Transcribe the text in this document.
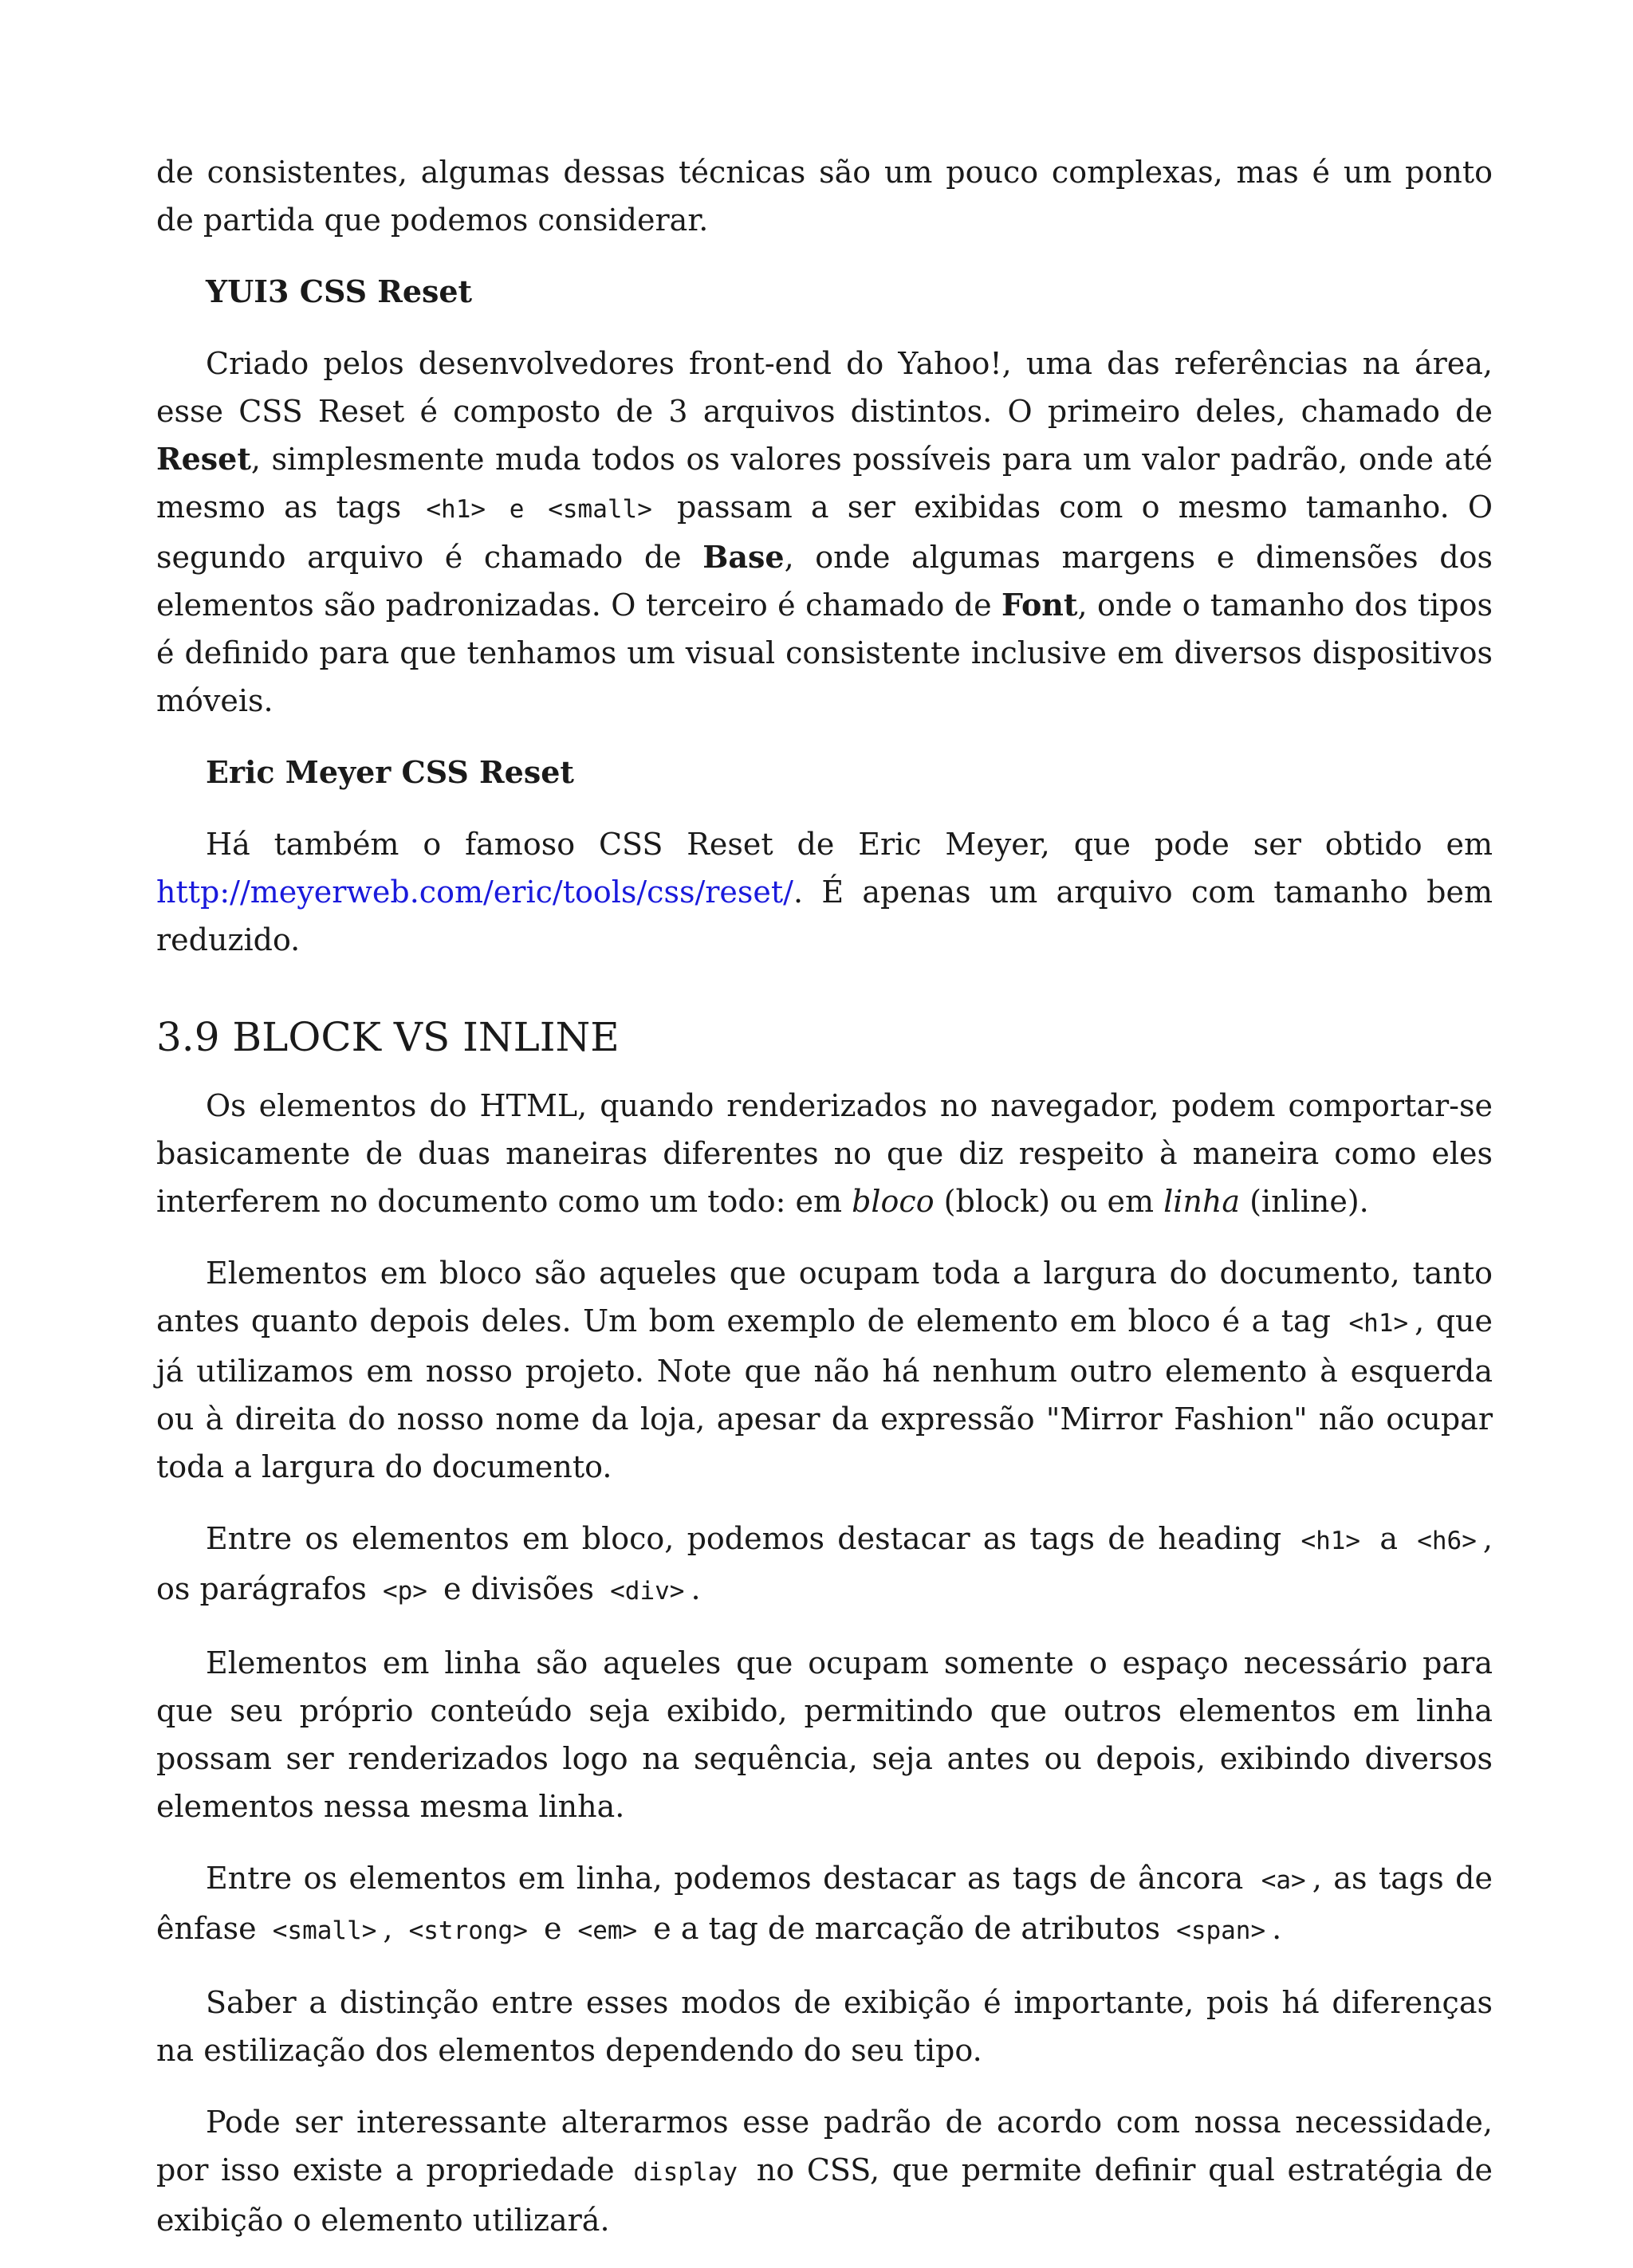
de consistentes, algumas dessas técnicas são um pouco complexas, mas é um ponto de partida que podemos considerar.

YUI3 CSS Reset

Criado pelos desenvolvedores front-end do Yahoo!, uma das referências na área, esse CSS Reset é composto de 3 arquivos distintos. O primeiro deles, chamado de Reset, simplesmente muda todos os valores possíveis para um valor padrão, onde até mesmo as tags <h1> e <small> passam a ser exibidas com o mesmo tamanho. O segundo arquivo é chamado de Base, onde algumas margens e dimensões dos elementos são padronizadas. O terceiro é chamado de Font, onde o tamanho dos tipos é definido para que tenhamos um visual consistente inclusive em diversos dispositivos móveis.

Eric Meyer CSS Reset

Há também o famoso CSS Reset de Eric Meyer, que pode ser obtido em http://meyerweb.com/eric/tools/css/reset/. É apenas um arquivo com tamanho bem reduzido.

3.9 BLOCK VS INLINE

Os elementos do HTML, quando renderizados no navegador, podem comportar-se basicamente de duas maneiras diferentes no que diz respeito à maneira como eles interferem no documento como um todo: em bloco (block) ou em linha (inline).

Elementos em bloco são aqueles que ocupam toda a largura do documento, tanto antes quanto depois deles. Um bom exemplo de elemento em bloco é a tag <h1> , que já utilizamos em nosso projeto. Note que não há nenhum outro elemento à esquerda ou à direita do nosso nome da loja, apesar da expressão "Mirror Fashion" não ocupar toda a largura do documento.

Entre os elementos em bloco, podemos destacar as tags de heading <h1> a <h6> , os parágrafos <p> e divisões <div> .

Elementos em linha são aqueles que ocupam somente o espaço necessário para que seu próprio conteúdo seja exibido, permitindo que outros elementos em linha possam ser renderizados logo na sequência, seja antes ou depois, exibindo diversos elementos nessa mesma linha.

Entre os elementos em linha, podemos destacar as tags de âncora <a> , as tags de ênfase <small> , <strong> e <em> e a tag de marcação de atributos <span> .

Saber a distinção entre esses modos de exibição é importante, pois há diferenças na estilização dos elementos dependendo do seu tipo.

Pode ser interessante alterarmos esse padrão de acordo com nossa necessidade, por isso existe a propriedade display no CSS, que permite definir qual estratégia de exibição o elemento utilizará.
